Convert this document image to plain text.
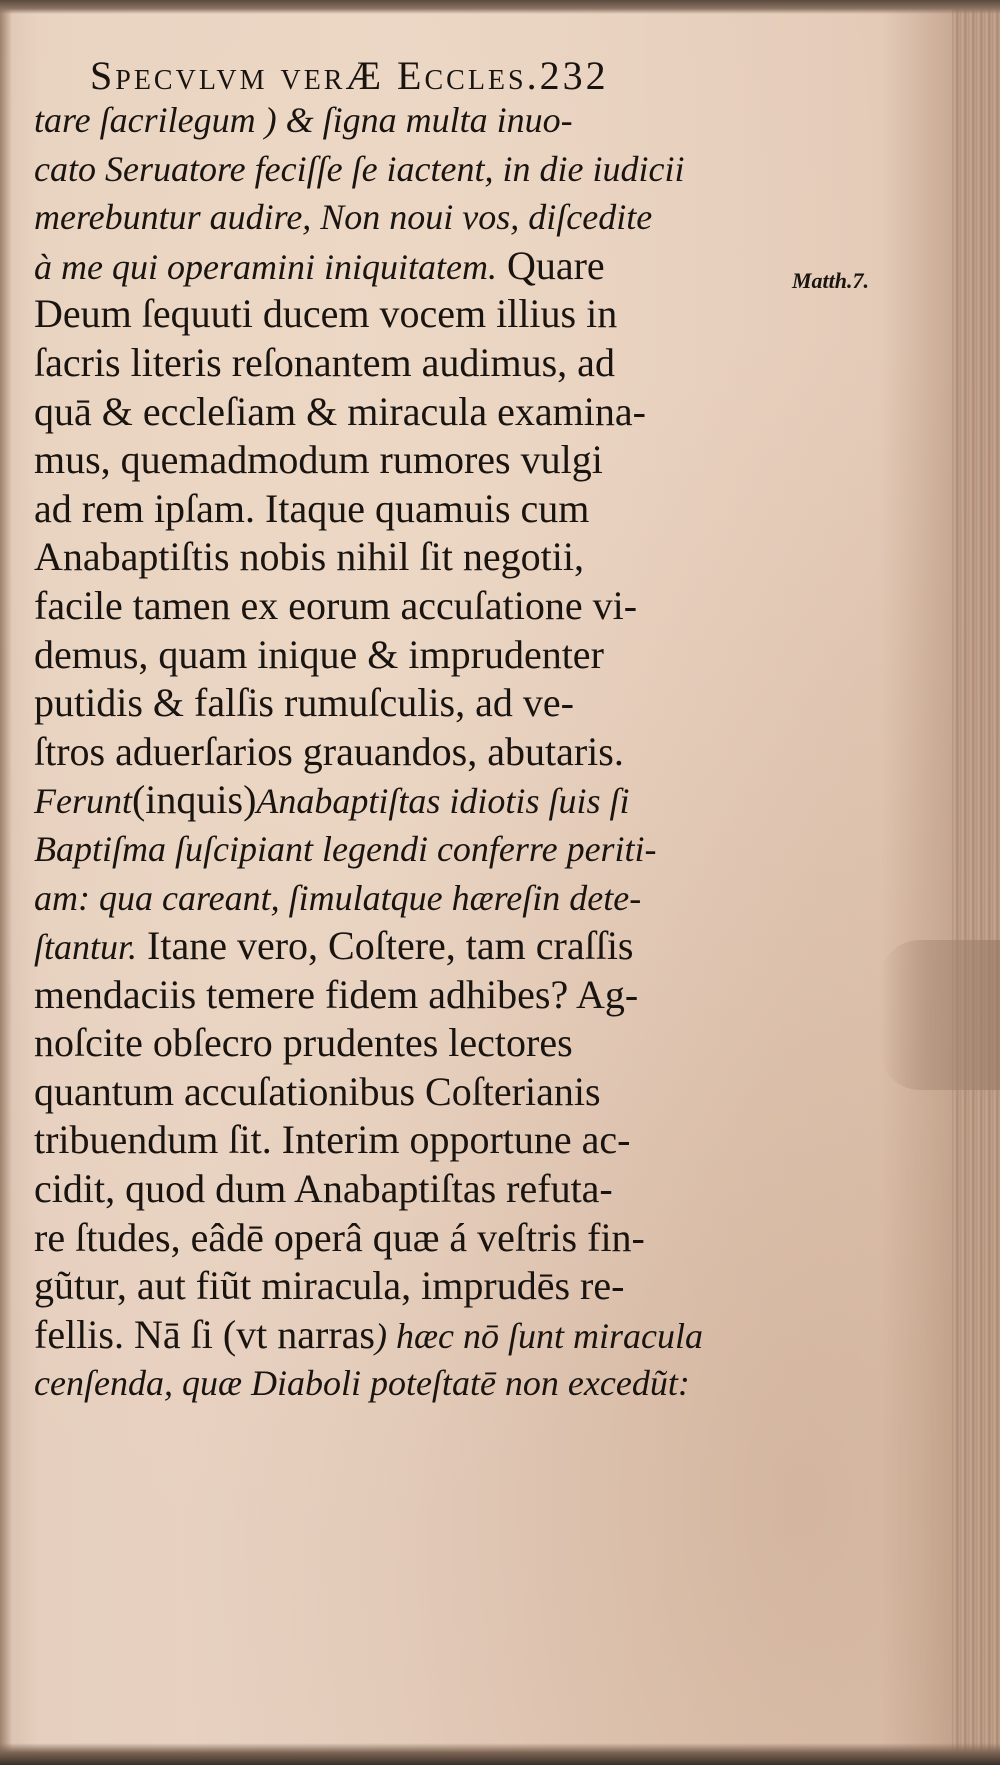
Specvlvm verÆ Eccles.232
Matth.7.
tare ſacrilegum ) & ſigna multa inuo-
cato Seruatore feciſſe ſe iactent, in die iudicii
merebuntur audire, Non noui vos, diſcedite
à me qui operamini iniquitatem. Quare
Deum ſequuti ducem vocem illius in
ſacris literis reſonantem audimus, ad
quā & eccleſiam & miracula examina-
mus, quemadmodum rumores vulgi
ad rem ipſam. Itaque quamuis cum
Anabaptiſtis nobis nihil ſit negotii,
facile tamen ex eorum accuſatione vi-
demus, quam inique & imprudenter
putidis & falſis rumuſculis, ad ve-
ſtros aduerſarios grauandos, abutaris.
Ferunt(inquis)Anabaptiſtas idiotis ſuis ſi
Baptiſma ſuſcipiant legendi conferre periti-
am: qua careant, ſimulatque hæreſin dete-
ſtantur. Itane vero, Coſtere, tam craſſis
mendaciis temere fidem adhibes? Ag-
noſcite obſecro prudentes lectores
quantum accuſationibus Coſterianis
tribuendum ſit. Interim opportune ac-
cidit, quod dum Anabaptiſtas refuta-
re ſtudes, eâdē operâ quæ á veſtris fin-
gũtur, aut fiũt miracula, imprudēs re-
fellis. Nā ſi (vt narras) hæc nō ſunt miracula
cenſenda, quæ Diaboli poteſtatē non excedũt:
